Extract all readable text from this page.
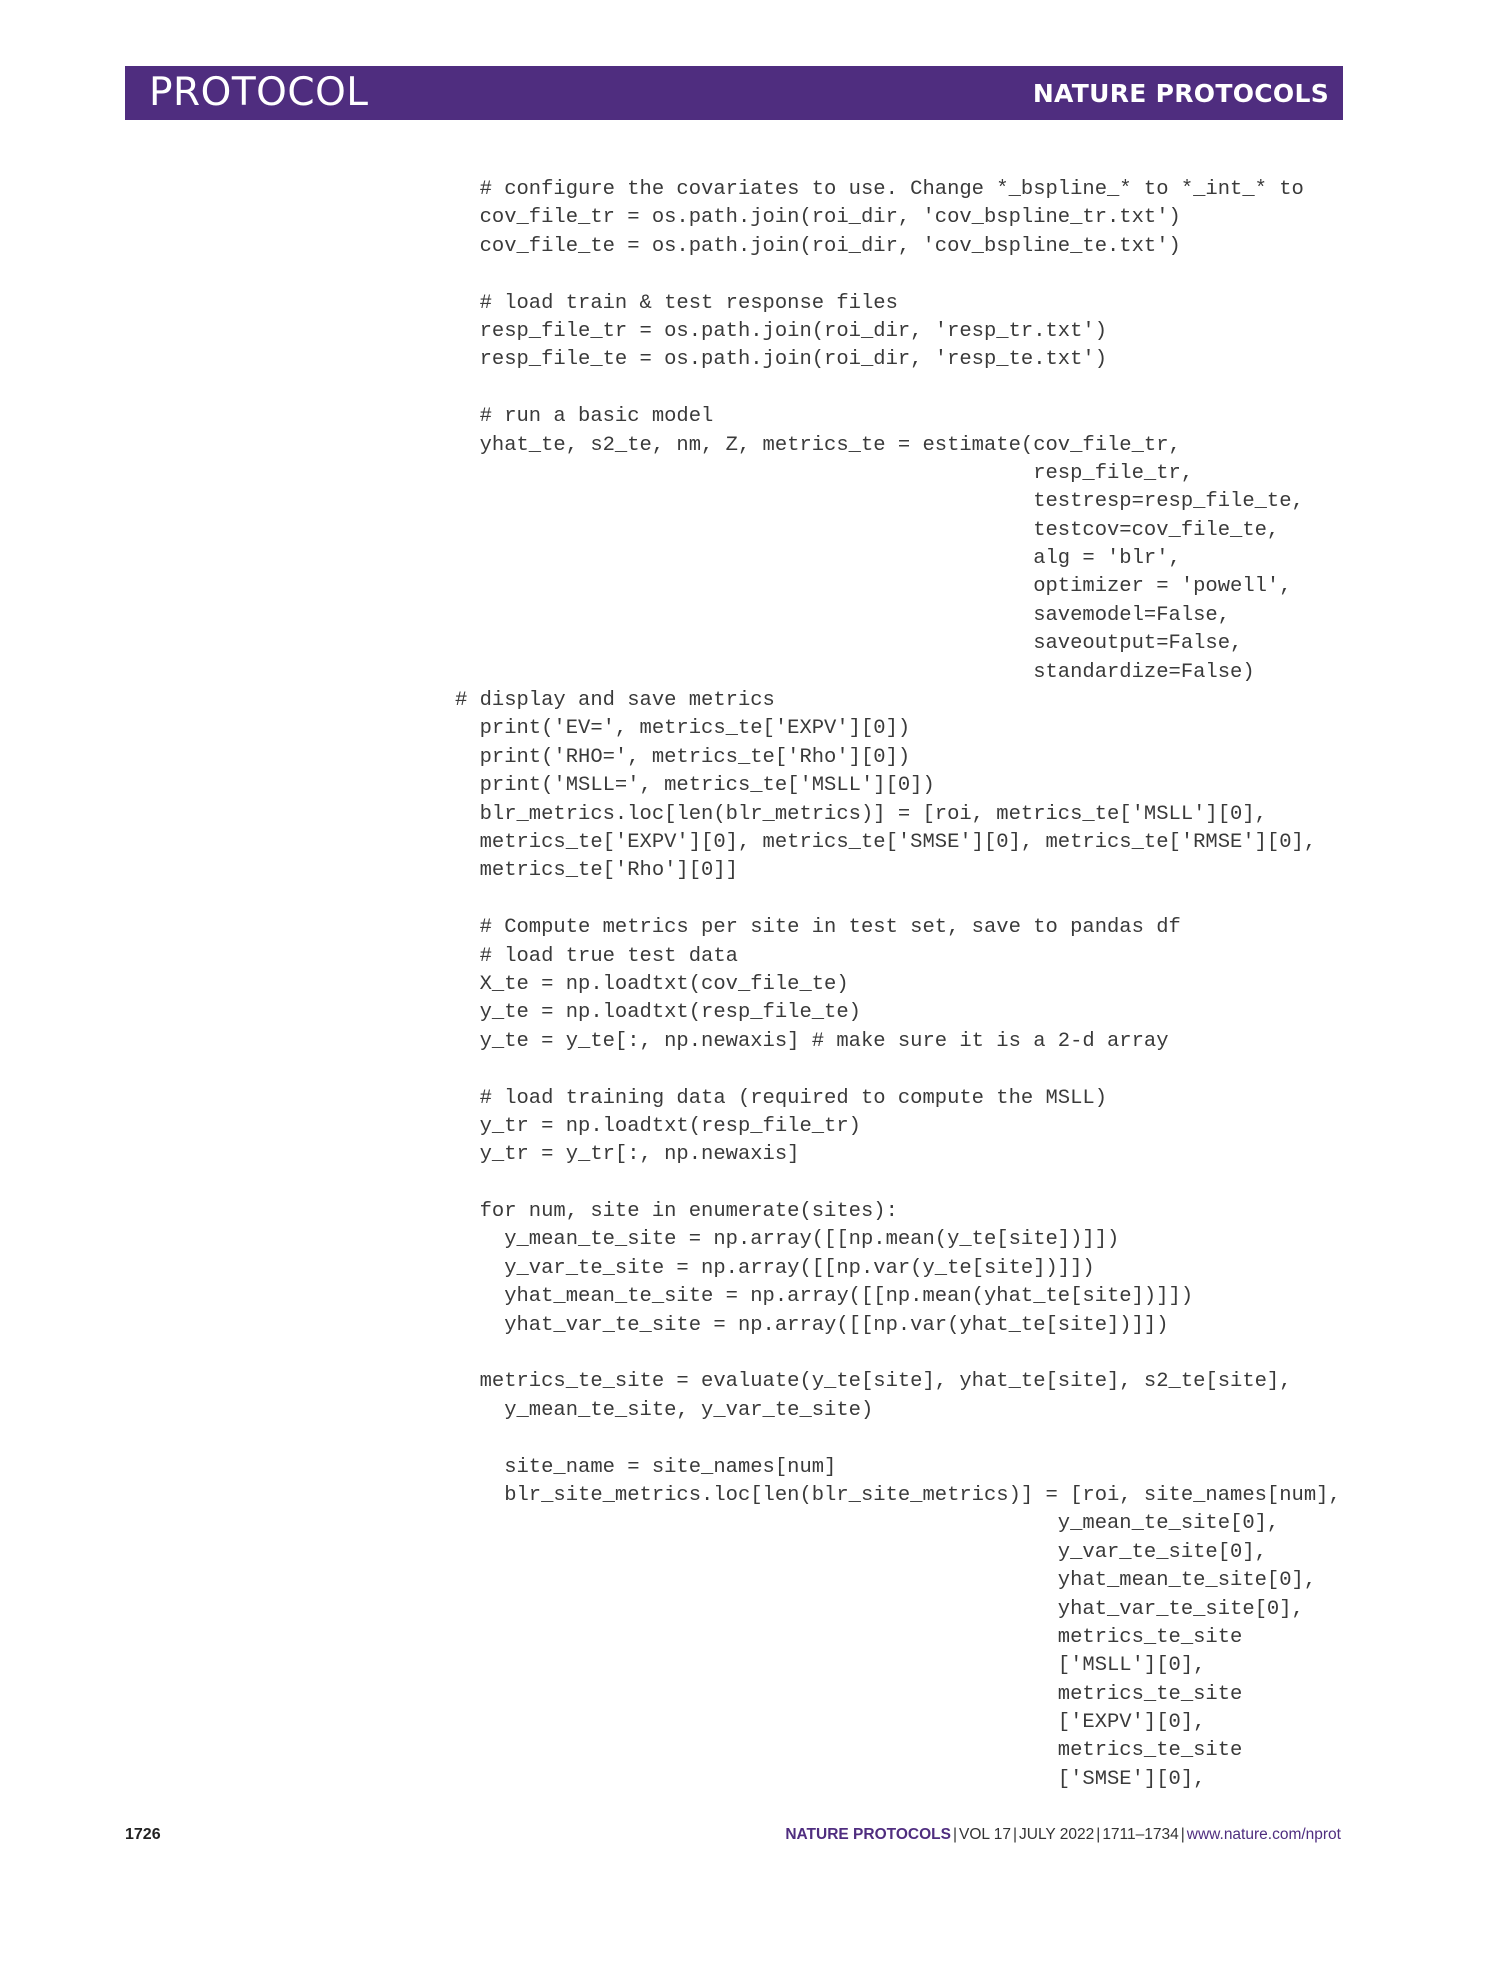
PROTOCOL	NATURE PROTOCOLS
# configure the covariates to use. Change *_bspline_* to *_int_* to
cov_file_tr = os.path.join(roi_dir, 'cov_bspline_tr.txt')
cov_file_te = os.path.join(roi_dir, 'cov_bspline_te.txt')
# load train & test response files
resp_file_tr = os.path.join(roi_dir, 'resp_tr.txt')
resp_file_te = os.path.join(roi_dir, 'resp_te.txt')
# run a basic model
yhat_te, s2_te, nm, Z, metrics_te = estimate(cov_file_tr,
resp_file_tr,
testresp=resp_file_te,
testcov=cov_file_te,
alg = 'blr',
optimizer = 'powell',
savemodel=False,
saveoutput=False,
standardize=False)
# display and save metrics
print('EV=', metrics_te['EXPV'][0])
print('RHO=', metrics_te['Rho'][0])
print('MSLL=', metrics_te['MSLL'][0])
blr_metrics.loc[len(blr_metrics)] = [roi, metrics_te['MSLL'][0],
metrics_te['EXPV'][0], metrics_te['SMSE'][0], metrics_te['RMSE'][0],
metrics_te['Rho'][0]]
# Compute metrics per site in test set, save to pandas df
# load true test data
X_te = np.loadtxt(cov_file_te)
y_te = np.loadtxt(resp_file_te)
y_te = y_te[:, np.newaxis] # make sure it is a 2-d array
# load training data (required to compute the MSLL)
y_tr = np.loadtxt(resp_file_tr)
y_tr = y_tr[:, np.newaxis]
for num, site in enumerate(sites):
y_mean_te_site = np.array([[np.mean(y_te[site])]])
y_var_te_site = np.array([[np.var(y_te[site])]])
yhat_mean_te_site = np.array([[np.mean(yhat_te[site])]])
yhat_var_te_site = np.array([[np.var(yhat_te[site])]])
metrics_te_site = evaluate(y_te[site], yhat_te[site], s2_te[site],
y_mean_te_site, y_var_te_site)
site_name = site_names[num]
blr_site_metrics.loc[len(blr_site_metrics)] = [roi, site_names[num],
y_mean_te_site[0],
y_var_te_site[0],
yhat_mean_te_site[0],
yhat_var_te_site[0],
metrics_te_site
['MSLL'][0],
metrics_te_site
['EXPV'][0],
metrics_te_site
['SMSE'][0],
1726	NATURE PROTOCOLS | VOL 17 | JULY 2022 | 1711–1734 | www.nature.com/nprot
